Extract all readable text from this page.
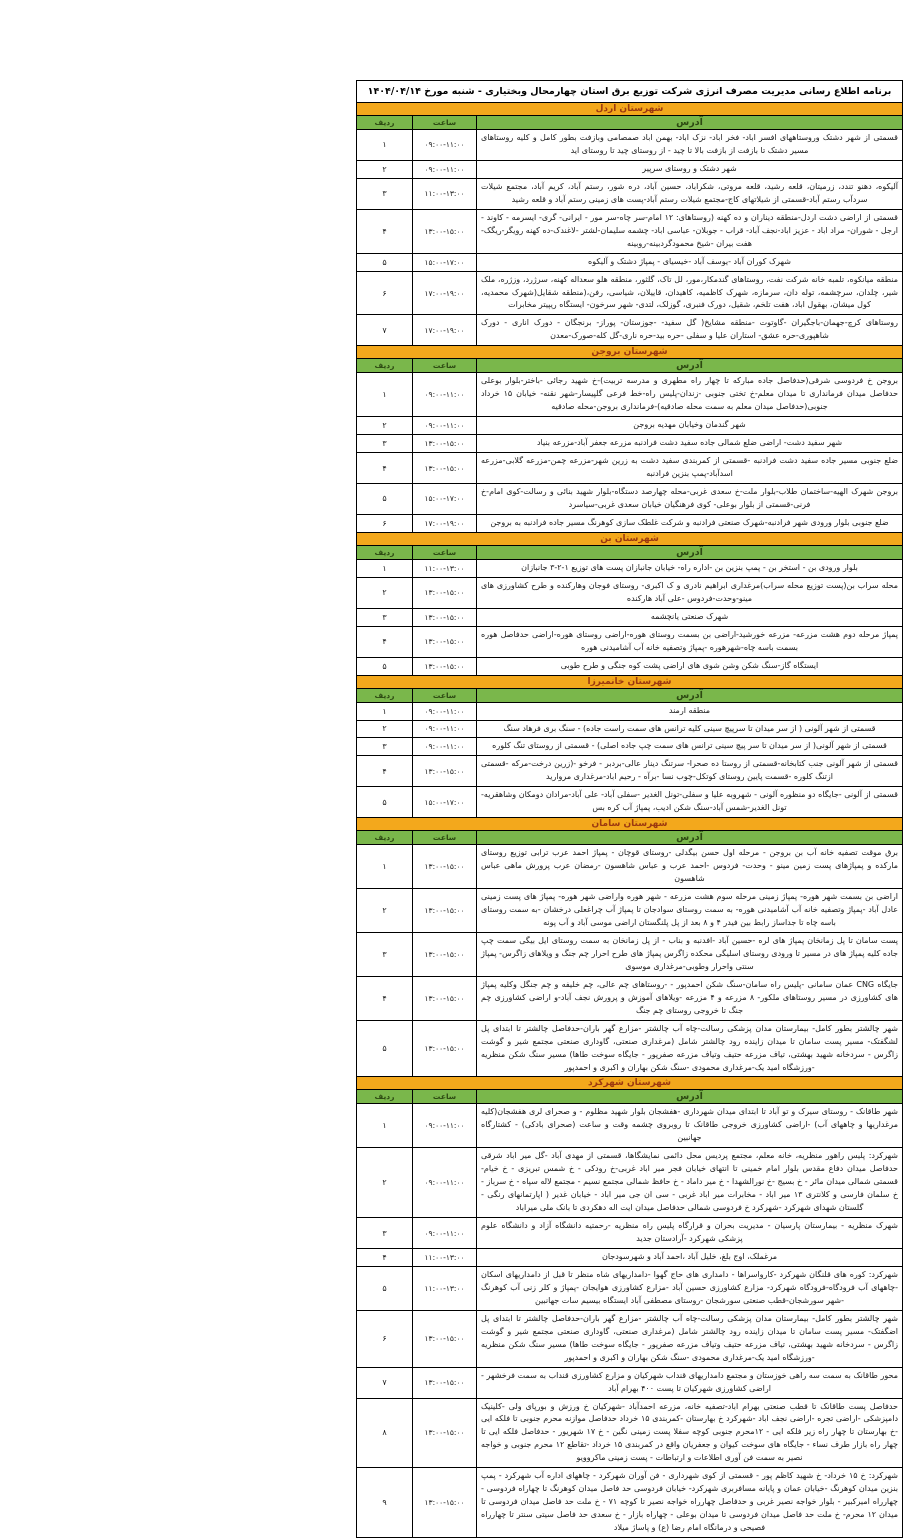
برنامه اطلاع رسانی مدیریت مصرف انرژی شرکت توزیع برق استان چهارمحال وبختیاری - شنبه مورخ ۱۴۰۴/۰۴/۱۴		
شهرستان اردل		
آدرس	ساعت	ردیف
قسمتی از شهر دشتک وروستاههای افسر اباد- فخر اباد- نزک اباد- بهمن اباد صمصامی وبازفت بطور کامل و کلیه روستاهای مسیر دشتک تا بازفت از بازفت بالا تا چید - از روستای چید تا روستای اید	۰۹:۰۰-۱۱:۰۰	۱
شهر دشتک و روستای سرپیر	۰۹:۰۰-۱۱:۰۰	۲
آلیکوه، دهنو تندد، زرمیتان، قلعه رشید، قلعه مروتی، شکراباد، حسین آباد، دره شور، رستم آباد، کریم آباد، مجتمع شیلات سردآب رستم آباد-قسمتی از شیلاتهای کاج-مجتمع شیلات رستم آباد-پست های زمینی رستم آباد و قلعه رشید	۱۱:۰۰-۱۳:۰۰	۳
قسمتی از اراضی دشت اردل-منطقه دیناران و ده کهنه (روستاهای: ۱۲ امام-سر چاه-سر مور - ایرانی- گری- ایسرمه - کاوند - ارجل - شوران- مراد اباد - عزیز اباد-نجف آباد- قراب - جوبلان- عباسی اباد- چشمه سلیمان-لشتر -لاغندک-ده کهنه رویگر-ریگک-هفت بیران -شیخ محمودگردبینه-روبینه	۱۳:۰۰-۱۵:۰۰	۴
شهرک کوران آباد -یوسف آباد -خیسیای - پمپاژ دشتک و آلیکوه	۱۵:۰۰-۱۷:۰۰	۵
منطقه میانکوه، تلمبه خانه شرکت نفت، روستاهای گندمکار،مور، لل تاک، گلثور، منطقه هلو سعداله کهنه، سرژرد، وزژره، ملک شیر، چلدان، سرچشمه، توله دان، سرمازه، شهرک کاظمیه، کاهیدان، قاییلان، شیاسی، رفن،(منطقه شقایل(شهرک محمدیه، کول میشان، بهقول اباد، هفت تلخم، شقیل، دورک فنبری، گوزلک، لتدی- شهر سرخون- ایستگاه ریپیتر مخابرات	۱۷:۰۰-۱۹:۰۰	۶
روستاهای کرچ-جهمان-باجگیران -گاوتوت -منطقه مشایخ( گل سفید- -جوزستان- پوراز- برنجگان - دورک اناری - دورک شاهپوری-حره عشق- استاران علیا و سفلی -حره بید-حره ناری-گل کله-صورک-معدن	۱۷:۰۰-۱۹:۰۰	۷
شهرستان بروجن		
آدرس	ساعت	ردیف
بروجن خ فردوسی شرقی(حدفاصل جاده مبارکه تا چهار راه مطهری و مدرسه تربیت)-خ شهید رجائی -باختر-بلوار بوعلی حدفاصل میدان فرمانداری تا میدان معلم-خ تختی جنوبی -زندان-پلیس راه-خط فرعی گلپیسار-شهر نقنه- خیابان ۱۵ خرداد جنوبی(حدفاصل میدان معلم به سمت محله صادقیه)-فرمانداری بروجن-محله صادقیه	۰۹:۰۰-۱۱:۰۰	۱
شهر گندمان وخیابان مهدیه بروجن	۰۹:۰۰-۱۱:۰۰	۲
شهر سفید دشت- اراضی ضلع شمالی جاده سفید دشت فرادنبه مزرعه جعفر آباد-مزرعه بنیاد	۱۳:۰۰-۱۵:۰۰	۳
ضلع جنوبی مسیر جاده سفید دشت فرادنبه -قسمتی از کمربندی سفید دشت به زرین شهر-مزرعه چمن-مزرعه گلابی-مزرعه اسدآباد-پمپ بنزین فرادنبه	۱۳:۰۰-۱۵:۰۰	۴
بروجن شهرک الهیه-ساختمان طلاب-بلوار ملت-خ سعدی غربی-محله چهارصد دستگاه-بلوار شهید بنائی و رسالت-کوی امام-خ فرنی-قسمتی از بلوار بوعلی- کوی فرهنگیان خیابان سعدی غربی-سیاسرد	۱۵:۰۰-۱۷:۰۰	۵
ضلع جنوبی بلوار ورودی شهر فرادنبه-شهرک صنعتی فرادنبه و شرکت غلطک سازی کوهرنگ مسیر جاده فرادنبه به بروجن	۱۷:۰۰-۱۹:۰۰	۶
شهرستان بن		
آدرس	ساعت	ردیف
بلوار ورودی بن - استخر بن - پمپ بنزین بن -اداره راه- خیابان جانبازان پست های توزیع ۱-۲-۳ جانبازان	۱۱:۰۰-۱۳:۰۰	۱
محله سراب بن(پست توزیع محله سراب)مرغداری ابراهیم نادری و ک اکبری- روستای فوجان وهارکنده و طرح کشاورزی های مینو-وحدت-فردوس -علی آباد هارکنده	۱۳:۰۰-۱۵:۰۰	۲
شهرک صنعتی یانچشمه	۱۳:۰۰-۱۵:۰۰	۳
پمپاژ مرحله دوم هشت مزرعه- مزرعه خورشید-اراضی بن بسمت روستای هوره-اراضی روستای هوره-اراضی حدفاصل هوره بسمت باسه چاه-شهرهوره -پمپاژ وتصفیه خانه آب آشامیدنی هوره	۱۳:۰۰-۱۵:۰۰	۴
ایستگاه گاز-سنگ شکن وشن شوی های اراضی پشت کوه جنگی و طرح طوبی	۱۳:۰۰-۱۵:۰۰	۵
شهرستان خانمیرزا		
آدرس	ساعت	ردیف
منطقه ارمند	۰۹:۰۰-۱۱:۰۰	۱
قسمتی از شهر آلونی ( از سر میدان تا سرپیچ سینی کلیه ترانس های سمت راست جاده) - سنگ بری فرهاد سنگ	۰۹:۰۰-۱۱:۰۰	۲
قسمتی از شهر آلونی( از سر میدان تا سر پیچ سینی ترانس های سمت چپ جاده اصلی) - قسمتی از روستای تنگ کلوره	۰۹:۰۰-۱۱:۰۰	۳
قسمتی از شهر آلونی جنب کتابخانه-قسمتی از روستا ده صحرا- سرتنگ دینار عالی-بردبر - فرخو -(زرین درخت-مرکه -قسمتی ازتنگ کلوره -قسمت پایین روستای کوتکل-چوب نسا -برآه - رحیم اباد-مرغداری مروارید	۱۳:۰۰-۱۵:۰۰	۴
قسمتی از آلونی -جایگاه دو منظوره آلونی - شهروبه علیا و سفلی-تونل الغدیر -سفلی آباد- علی آباد-مرادان دومکان وشاهقریه-تونل الغدیر-شمس آباد-سنگ شکن ادیب، پمپاژ آب کره بس	۱۵:۰۰-۱۷:۰۰	۵
شهرستان سامان		
آدرس	ساعت	ردیف
برق موقت تصفیه خانه آب بن بروجن - مرحله اول حسن بیگدلی -روستای قوچان - پمپاژ احمد عرب ترابی توزیع روستای مارکده و پمپاژهای پست زمین مینو - وحدت- فردوس -احمد عرب و عباس شاهسون -رمضان عرب پرورش ماهی عباس شاهسون	۱۳:۰۰-۱۵:۰۰	۱
اراضی بن بسمت شهر هوره- پمپاژ زمینی مرحله سوم هشت مزرعه - شهر هوره واراضی شهر هوره- پمپاژ های پست زمینی عادل آباد -پمپاژ وتصفیه خانه آب آشامیدنی هوره- به سمت روستای سوادجان تا پمپاژ آب چراغعلی درخشان -به سمت روستای باسه چاه تا جداساز رابط بین فیدر ۴ و ۸ بعد از پل پلنگستان اراضی موسی آباد و آب پونه	۱۳:۰۰-۱۵:۰۰	۲
پست سامان تا پل زمانخان پمپاژ های لره -حسین آباد -افدنبه و بناب - از پل زمانخان به سمت روستای ایل بیگی سمت چپ جاده کلیه پمپاژ های در مسیر تا ورودی روستای اسلیگی محکده زاگرس پمپاژ های طرح احرار چم جنگ و ویلاهای زاگرس- پمپاژ سنتی واحرار وطوبی-مرغداری موسوی	۱۳:۰۰-۱۵:۰۰	۳
جایگاه CNG عمان سامانی -پلیس راه سامان-سنگ شکن احمدپور - -روستاهای چم عالی، چم خلیفه و چم جنگل وکلیه پمپاژ های کشاورزی در مسیر روستاهای ملکور- ۸ مزرعه و ۴ مزرعه -ویلاهای آموزش و پرورش نجف آباد-و اراضی کشاورزی چم جنگ تا خروجی روستای چم جنگ	۱۳:۰۰-۱۵:۰۰	۴
شهر چالشتر بطور کامل- بیمارستان مدان پزشکی رسالت-چاه آب چالشتر -مزارع گهر باران-حدفاصل چالشتر تا ابتدای پل لشگفتک- مسیر پست سامان تا میدان زاینده رود چالشتر شامل (مرغداری صنعتی، گاوداری صنعتی مجتمع شیر و گوشت زاگرس - سردخانه شهید بهشتی، تیاف مزرعه حتیف وتیاف مزرعه صفرپور - جایگاه سوخت طاها) مسیر سنگ شکن منظریه -ورزشگاه امید یک-مرغداری محمودی -سنگ شکن بهاران و اکبری و احمدپور	۱۳:۰۰-۱۵:۰۰	۵
شهرستان شهرکرد		
آدرس	ساعت	ردیف
شهر طاقانک - روستای سیرک و تو آباد تا ابتدای میدان شهرداری -هفشجان بلوار شهید مظلوم - و صحرای لری هفشجان(کلیه مرغداریها و چاههای آب) -اراضی کشاورزی خروجی طاقانک تا روبروی چشمه وقت و ساعت (صحرای بادکی) - کشتارگاه جهانبین	۰۹:۰۰-۱۱:۰۰	۱
شهرکرد: پلیس راهور منظریه، خانه معلم، مجتمع پردیس محل دائمی نمایشگاها، قسمتی از مهدی آباد -گل میر اباد شرقی حدفاصل میدان دفاع مقدس بلوار امام خمینی تا انتهای خیابان فجر میر اباد غربی-خ رودکی - خ شمس تبریزی - خ خیام- قسمتی شمالی میدان مائر - خ بسیج -خ نورالشهدا - خ میر داماد - خ حافظ شمالی مجتمع نسیم - مجتمع لاله سپاه - خ سرباز - خ سلمان فارسی و کلانتری ۱۳ میر اباد - مخابرات میر اباد غربی - سی ان جی میر اباد - خیابان غدیر ( اپارتمانهای رنگی - گلستان شهدای شهرکرد -شهرکرد خ فردوسی شمالی حدفاصل میدان ایت اله دهکردی تا بانک ملی میراباد	۰۹:۰۰-۱۱:۰۰	۲
شهرک منظریه - بیمارستان پارسیان - مدیریت بحران و قرارگاه پلیس راه منظریه -رحمتیه دانشگاه آزاد و دانشگاه علوم پزشکی شهرکرد -آرادستان جدید	۰۹:۰۰-۱۱:۰۰	۳
مرغملک، اوج بلغ، خلیل آباد ،احمد آباد و شهرسودجان	۱۱:۰۰-۱۳:۰۰	۴
شهرکرد: کوره های قلنگان شهرکرد -کارواسراها - دامداری های حاج گهوا -دامداریهای شاه منظر تا قبل از دامداریهای اسکان -چاههای آب فرودگاه-فرودگاه شهرکرد- مزارع کشاورزی حسین آباد -مزارع کشاورزی هوایجان -پمپاژ و کلر زنی آب کوهرنگ -شهر سورشجان-قطب صنعتی سورشجان -روستای مصطفی آباد ایستگاه بیسیم سات جهانبین	۱۱:۰۰-۱۳:۰۰	۵
شهر چالشتر بطور کامل- بیمارستان مدان پزشکی رسالت-چاه آب چالشتر -مزارع گهر باران-حدفاصل چالشتر تا ابتدای پل اضگفتک- مسیر پست سامان تا میدان زاینده رود چالشتر شامل (مرغداری صنعتی، گاوداری صنعتی مجتمع شیر و گوشت زاگرس - سردخانه شهید بهشتی، تیاف مزرعه حتیف وتیاف مزرعه صفرپور - جایگاه سوخت طاها) مسیر سنگ شکن منظریه -ورزشگاه امید یک-مرغداری محمودی -سنگ شکن بهاران و اکبری و احمدپور	۱۳:۰۰-۱۵:۰۰	۶
محور طاقانک به سمت سه راهی خوزستان و مجتمع دامداریهای قنداب شهرکیان و مزارع کشاورزی قنداب به سمت فرخشهر - اراضی کشاورزی شهرکیان تا پست ۴۰۰ بهرام آباد	۱۳:۰۰-۱۵:۰۰	۷
حدفاصل پست طاقانک تا قطب صنعتی بهرام اباد-تصفیه خانه، مزرعه احمدآباد -شهرکیان خ ورزش و بورپای ولی -کلینیک دامپزشکی -اراضی تجره -اراضی نجف اباد -شهرکرد خ بهارستان -کمربندی ۱۵ خرداد حدفاصل موازنه محرم جنوبی تا فلکه ایی -خ بهارستان تا چهار راه زیر فلکه ایی - ۱۲محرم جنوبی کوچه سفلا پست زمینی نگین - خ ۱۷ شهریور - حدفاصل فلکه ایی تا چهار راه بازار طرف نساء - جایگاه های سوخت کیوان و جعفریان واقع در کمربندی ۱۵ خرداد -تقاطع ۱۲ محرم جنوبی و خواجه نصیر به سمت فن آوری اطلاعات و ارتباطات - پست زمینی ماکروویو	۱۳:۰۰-۱۵:۰۰	۸
شهرکرد: خ ۱۵ خرداد- خ شهید کاظم پور - قسمتی از کوی شهرداری - فن آوران شهرکرد - چاههای اداره آب شهرکرد - پمپ بنزین میدان کوهرنگ -خیابان عمان و پایانه مسافربری شهرکرد- خیابان فردوسی حد فاصل میدان کوهرنگ تا چهاراه فردوسی - چهارراه امیرکبیر - بلوار خواجه نصیر غربی و حدفاصل چهارراه خواجه نصیر تا کوچه ۷۱ - خ ملت حد فاصل میدان فردوسی تا میدان ۱۲ محرم- خ ملت حد فاصل میدان فردوسی تا میدان بوعلی - چهاراه بازار - خ سعدی حد فاصل سیتی سنتر تا چهارراه فصیحی و درمانگاه امام رضا (ع) و پاساژ میلاد	۱۳:۰۰-۱۵:۰۰	۹
